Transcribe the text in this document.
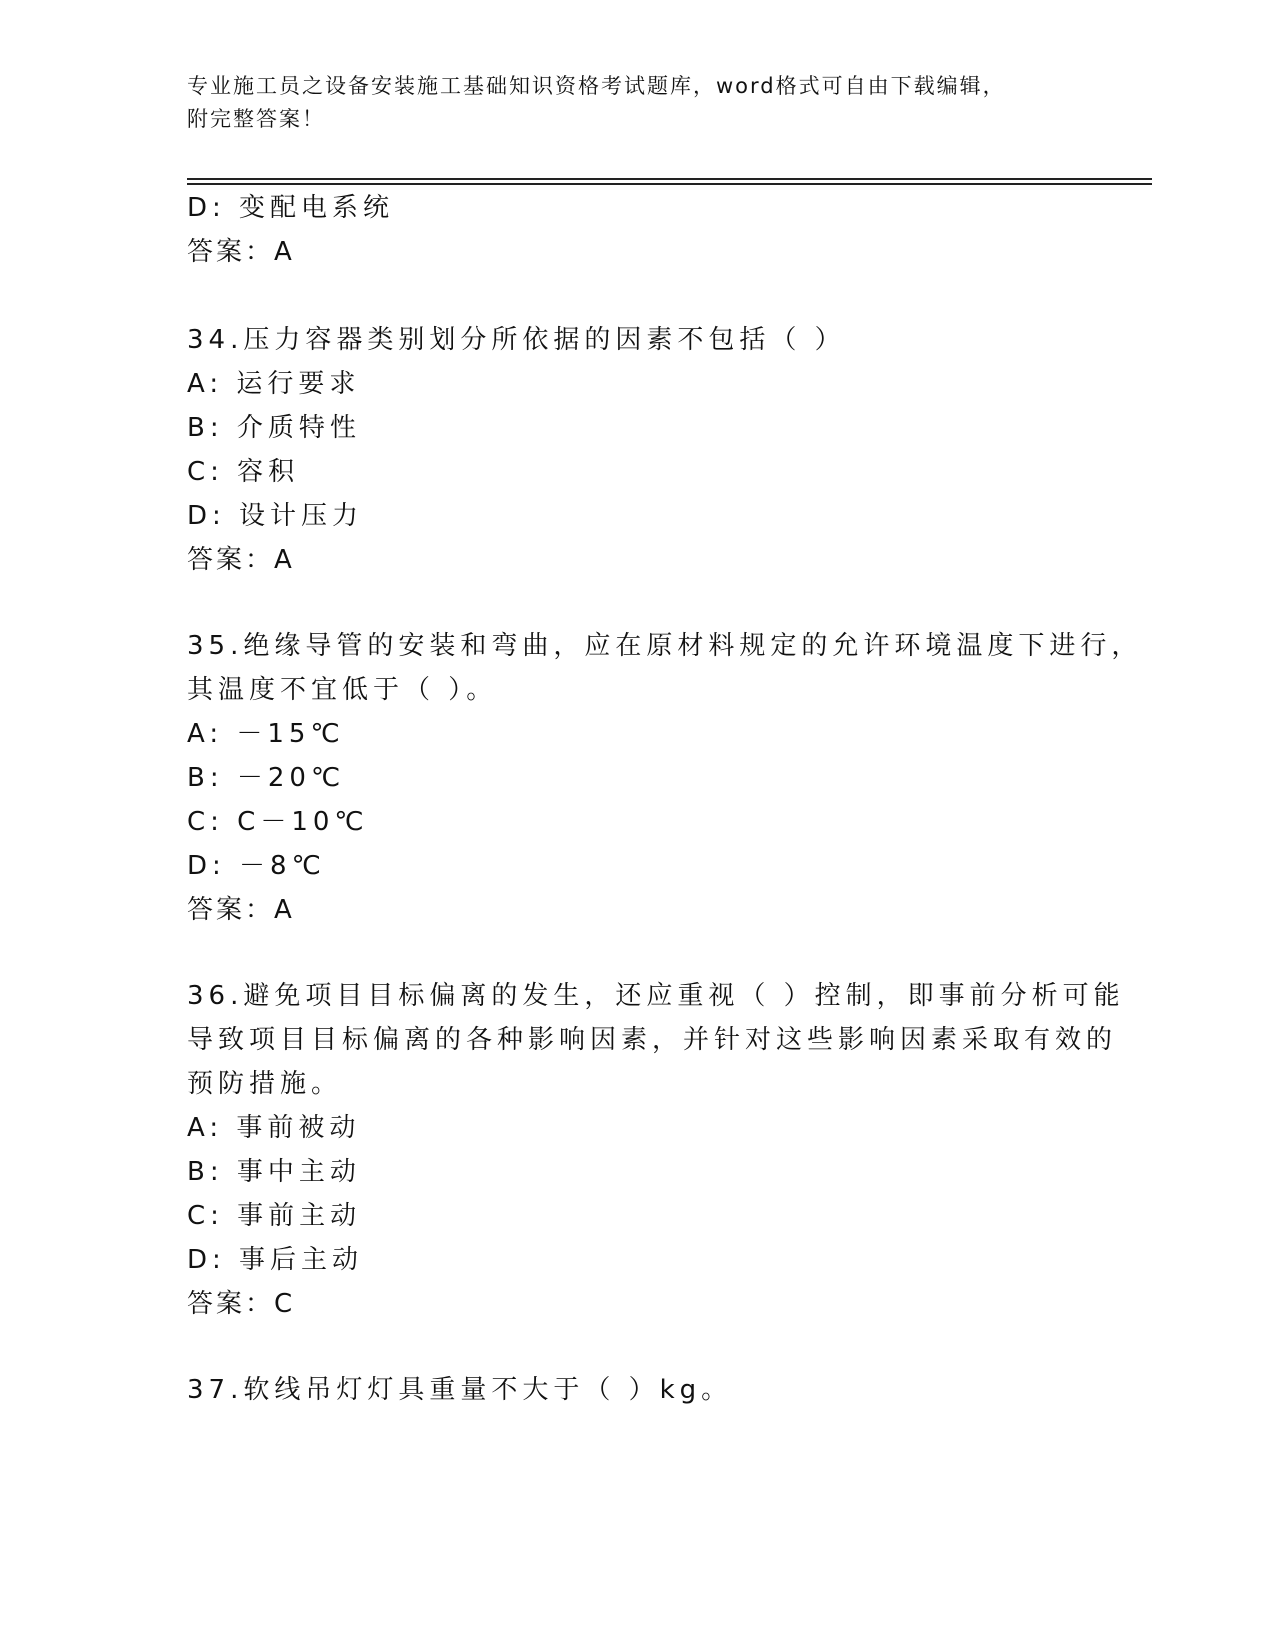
专业施工员之设备安装施工基础知识资格考试题库，word格式可自由下载编辑，
附完整答案！
D: 变配电系统
答案：A
34.压力容器类别划分所依据的因素不包括（ ）
A: 运行要求
B: 介质特性
C: 容积
D: 设计压力
答案：A
35.绝缘导管的安装和弯曲，应在原材料规定的允许环境温度下进行，
其温度不宜低于（ ）。
A: －15℃
B: －20℃
C: C－10℃
D: －8℃
答案：A
36.避免项目目标偏离的发生，还应重视（ ）控制，即事前分析可能
导致项目目标偏离的各种影响因素，并针对这些影响因素采取有效的
预防措施。
A: 事前被动
B: 事中主动
C: 事前主动
D: 事后主动
答案：C
37.软线吊灯灯具重量不大于（ ）kg。
